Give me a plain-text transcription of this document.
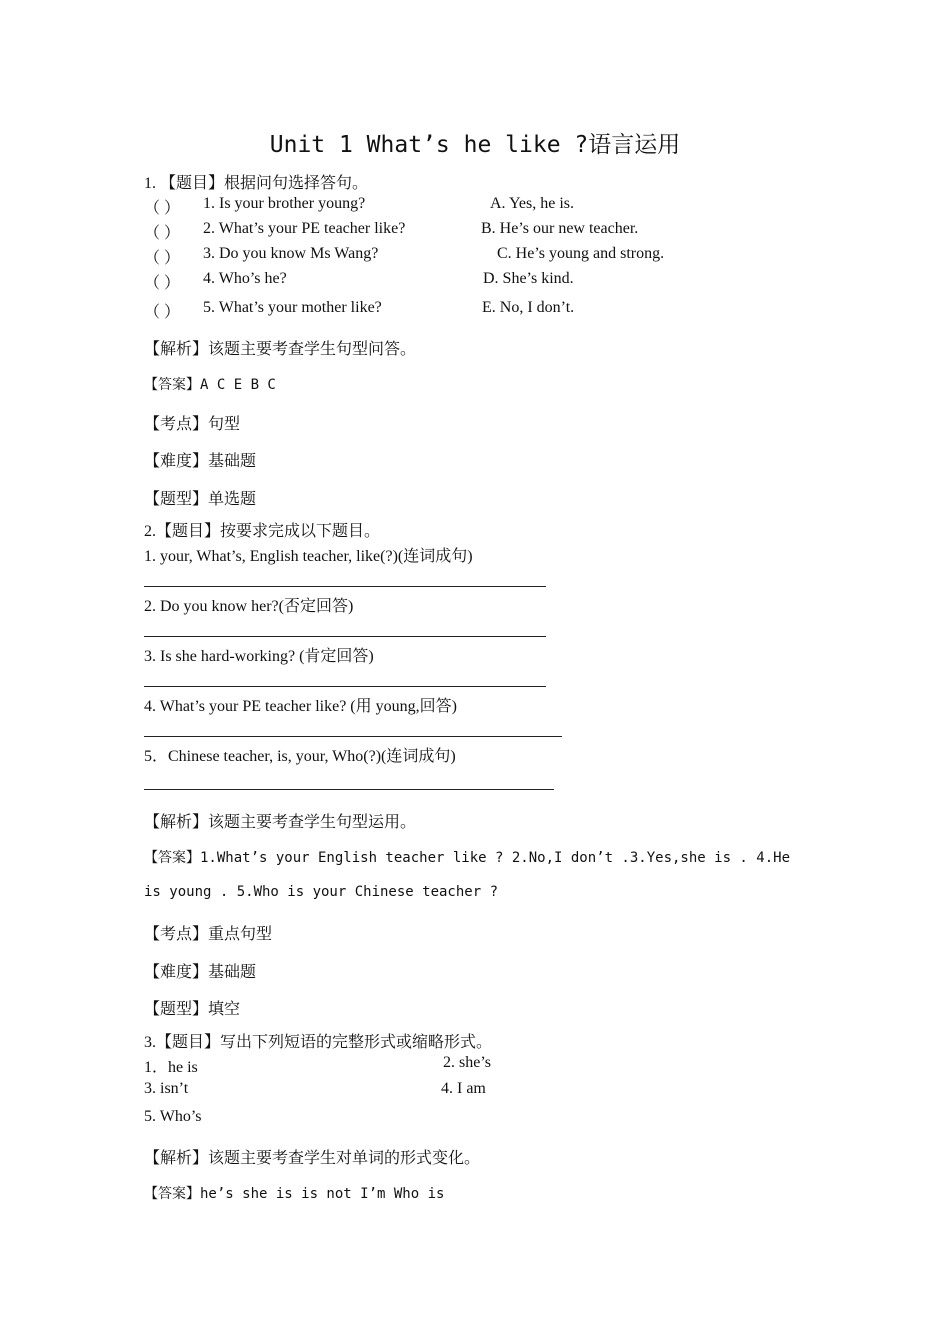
Unit 1 What’s he like ?语言运用
1. 【题目】根据问句选择答句。
（ ） 1. Is your brother young?	A. Yes, he is.
（ ） 2. What’s your PE teacher like?	B. He’s our new teacher.
（ ） 3. Do you know Ms Wang?	C. He’s young and strong.
（ ） 4. Who’s he?	D. She’s kind.
（ ） 5. What’s your mother like?	E. No, I don’t.
【解析】该题主要考查学生句型问答。
【答案】A C E B C
【考点】句型
【难度】基础题
【题型】单选题
2.【题目】按要求完成以下题目。
1. your, What’s, English teacher, like(?)(连词成句)
2. Do you know her?(否定回答)
3. Is she hard-working? (肯定回答)
4. What’s your PE teacher like? (用 young,回答)
5．Chinese teacher, is, your, Who(?)(连词成句)
【解析】该题主要考查学生句型运用。
【答案】1.What’s your English teacher like ? 2.No,I don’t .3.Yes,she is . 4.He
is young . 5.Who is your Chinese teacher ?
【考点】重点句型
【难度】基础题
【题型】填空
3.【题目】写出下列短语的完整形式或缩略形式。
1．he is	2. she’s
3. isn’t	4. I am
5. Who’s
【解析】该题主要考查学生对单词的形式变化。
【答案】he’s she is is not I’m Who is
